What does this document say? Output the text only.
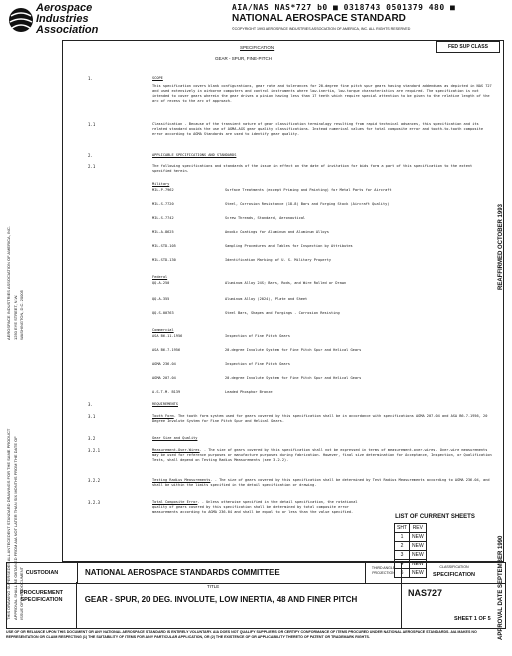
Aerospace
Industries
Association
AIA/NAS NAS*727 b0 ■ 0318743 0501379 480 ■
NATIONAL AEROSPACE STANDARD
©COPYRIGHT 1993 AEROSPACE INDUSTRIES ASSOCIATION OF AMERICA, INC. ALL RIGHTS RESERVED
AEROSPACE INDUSTRIES ASSOCIATION OF AMERICA, INC. 1250 EYE STREET, N.W. WASHINGTON, D.C. 20005
THIS DRAWING SUPERSEDES ALL ANTECEDENT STANDARD DRAWINGS FOR THE SAME PRODUCT APPROVAL SHALL BE OBTAINED FROM AIA NOT LATER THAN SIX MONTHS FROM THE DATE OF ISSUE OF THIS DOCUMENT
REAFFIRMED OCTOBER 1993
APPROVAL DATE SEPTEMBER 1990
FED SUP CLASS
SPECIFICATION
GEAR - SPUR, FINE-PITCH
1.	SCOPE
This specification covers blank configurations, gear rate and tolerances for 20-degree fine pitch spur gears having standard addendums as depicted in NAS 727 and used extensively in airborne computers and control instruments where low-inertia, low-torque characteristics are required. The specification is not intended to cover gears wherein the gear drives a pinion having less than 17 teeth which require special attention to be given to the relative length of the arc of recess to the arc of approach.
1.1	Classification - Because of the transient nature of gear classification terminology resulting from rapid technical advances, this specification and its related standard avoids the use of AGMA-AGS gear quality classifications. Instead numerical values for total composite error and tooth-to-tooth composite error according to AGMA Standards are used to identify gear quality.
2.	APPLICABLE SPECIFICATIONS AND STANDARDS
2.1	The following specifications and standards of the issue in effect on the date of invitation for bids form a part of this specification to the extent specified herein.
Military
MIL-P-7962	Surface Treatments (except Priming and Painting) for Metal Parts for Aircraft
MIL-S-7720	Steel, Corrosion Resistance (18-8) Bars and Forging Stock (Aircraft Quality)
MIL-S-7742	Screw Threads, Standard, Aeronautical
MIL-A-8625	Anodic Coatings for Aluminum and Aluminum Alloys
MIL-STD-105	Sampling Procedures and Tables for Inspection by Attributes
MIL-STD-130	Identification Marking of U. S. Military Property
Federal
QQ-A-250	Aluminum Alloy 24S; Bars, Rods, and Wire Rolled or Drawn
QQ-A-355	Aluminum Alloy (2024), Plate and Sheet
QQ-S-00763	Steel Bars, Shapes and Forgings - Corrosion Resisting
Commercial
ASA B6.11-1956	Inspection of Fine Pitch Gears
ASA B6.7-1956	20-degree Involute System for Fine Pitch Spur and Helical Gears
AGMA 236.04	Inspection of Fine Pitch Gears
AGMA 207.04	20-degree Involute System for Fine Pitch Spur and Helical Gears
A.S.T.M. B139	Leaded Phosphor Bronze
3.	REQUIREMENTS
3.1	Tooth Form- The tooth form system used for gears covered by this specification shall be in accordance with specifications AGMA 207.04 and ASA B6.7-1956, 20 Degree Involute System for Fine Pitch Spur and Helical Gears.
3.2	Gear Size and Quality
3.2.1	Measurement-Over-Wires. - The size of gears covered by this specification shall not be expressed in terms of measurement-over-wires. Over-wire measurements may be used for reference purposes or manufacture purposes during fabrication. However, final size determination for Acceptance, Inspection, or Qualification Tests, shall depend on Testing Radius Measurements (see 3.2.2).
3.2.2	Testing Radius Measurements. - The size of gears covered by this specification shall be determined by Test Radius Measurements according to AGMA 236.04, and shall be within the limits specified in the detail specification or drawing.
3.2.3	Total Composite Error. - Unless otherwise specified in the detail specification, the rotational quality of gears covered by this specification shall be determined by total composite error measurements according to AGMA 236.04 and shall be equal to or less than the value specified.
LIST OF CURRENT SHEETS
SHT	REV
1	NEW
2	NEW
3	NEW
4	NEW
5	NEW
CUSTODIAN	NATIONAL AEROSPACE STANDARDS COMMITTEE	THIRD ANGLE PROJECTION
CLASSIFICATION
SPECIFICATION
PROCUREMENT SPECIFICATION
TITLE
GEAR - SPUR, 20 DEG. INVOLUTE, LOW INERTIA, 48 AND FINER PITCH
NAS727
SHEET 1 OF 5
USE OF OR RELIANCE UPON THIS DOCUMENT OR ANY NATIONAL AEROSPACE STANDARD IS ENTIRELY VOLUNTARY. AIA DOES NOT QUALIFY SUPPLIERS OR CERTIFY CONFORMANCE OF ITEMS PROCURED UNDER NATIONAL AEROSPACE STANDARDS. AIA MAKES NO REPRESENTATION OR CLAIM RESPECTING (1) THE SUITABILITY OF ITEMS FOR ANY PARTICULAR APPLICATION, OR (2) THE EXISTENCE OF OR APPLICABILITY THERETO OF PATENT OR TRADEMARK RIGHTS.
